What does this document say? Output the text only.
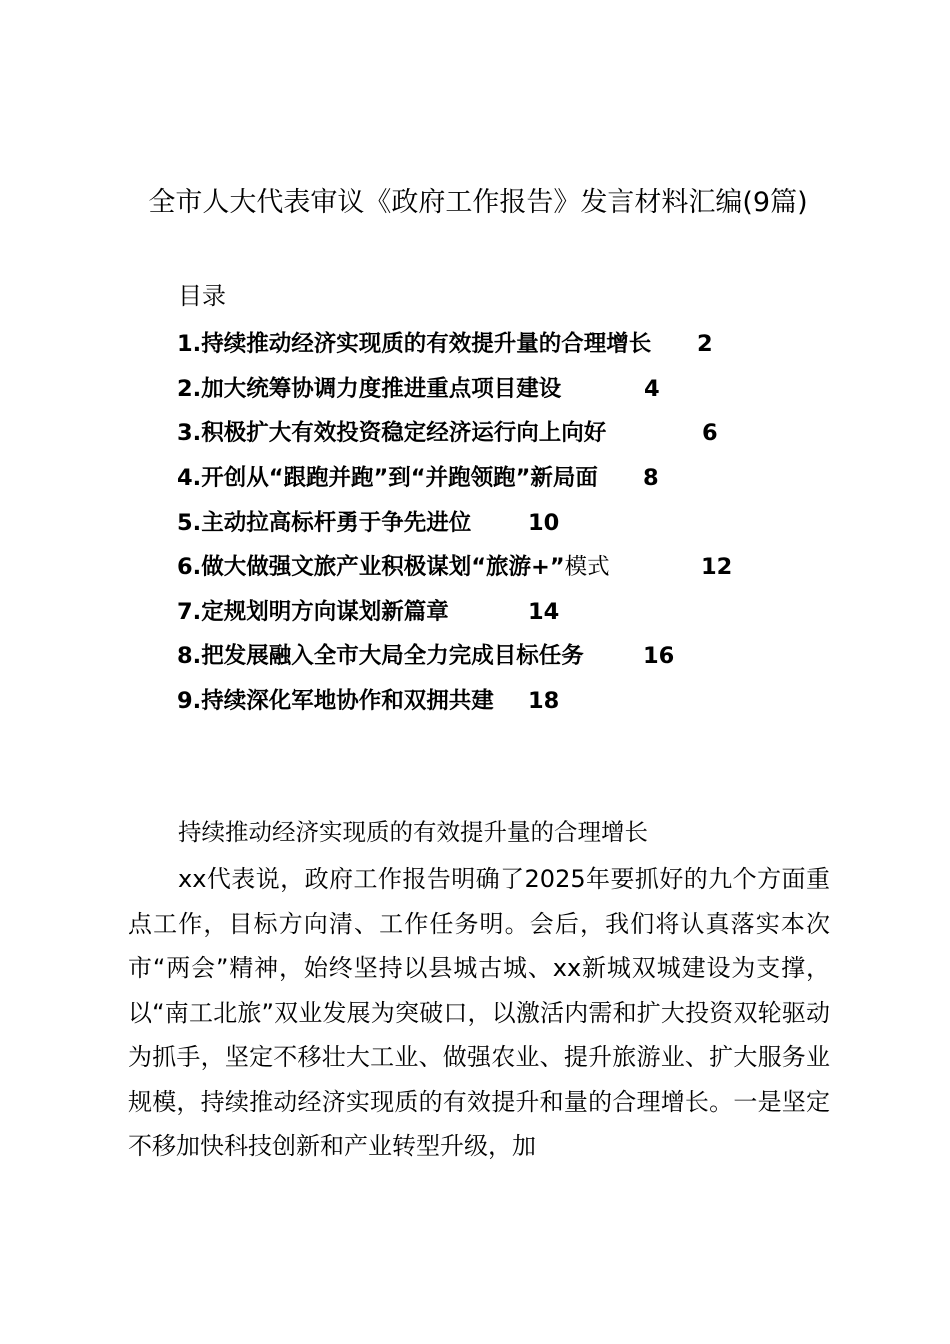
全市人大代表审议《政府工作报告》发言材料汇编(9篇)
目录
1.持续推动经济实现质的有效提升量的合理增长 2
2.加大统筹协调力度推进重点项目建设	4
3.积极扩大有效投资稳定经济运行向上向好	6
4.开创从“跟跑并跑”到“并跑领跑”新局面 8
5.主动拉高标杆勇于争先进位	10
6.做大做强文旅产业积极谋划“旅游+”模式	12
7.定规划明方向谋划新篇章	14
8.把发展融入全市大局全力完成目标任务	16
9.持续深化军地协作和双拥共建 18
持续推动经济实现质的有效提升量的合理增长

xx代表说，政府工作报告明确了2025年要抓好的九个方面重点工作，目标方向清、工作任务明。会后，我们将认真落实本次市“两会”精神，始终坚持以县城古城、xx新城双城建设为支撑，以“南工北旅”双业发展为突破口，以激活内需和扩大投资双轮驱动为抓手，坚定不移壮大工业、做强农业、提升旅游业、扩大服务业规模，持续推动经济实现质的有效提升和量的合理增长。一是坚定不移加快科技创新和产业转型升级，加
